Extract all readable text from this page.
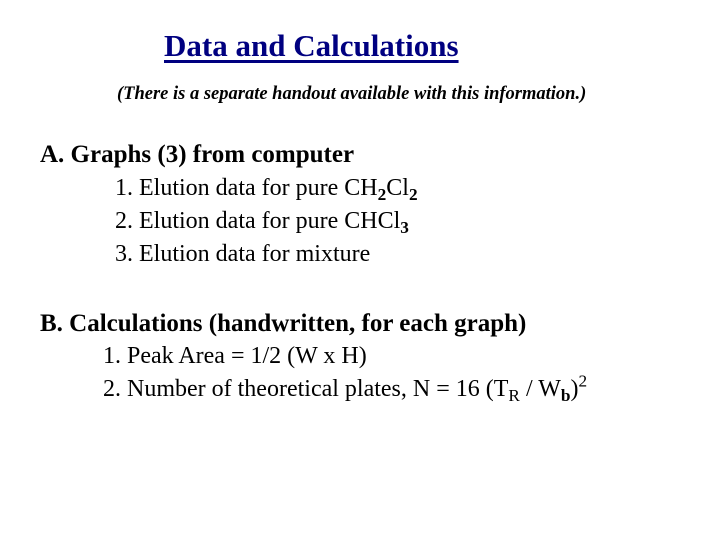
Data and Calculations
(There is a separate handout available with this information.)
A. Graphs (3) from computer
1. Elution data for pure $CH_2Cl_2$
2. Elution data for pure CHCl$_3$
3. Elution data for mixture
B. Calculations (handwritten, for each graph)
1. Peak Area = 1/2 (W x H)
2. Number of theoretical plates, N = 16 $(T_R / W_b)^2$
